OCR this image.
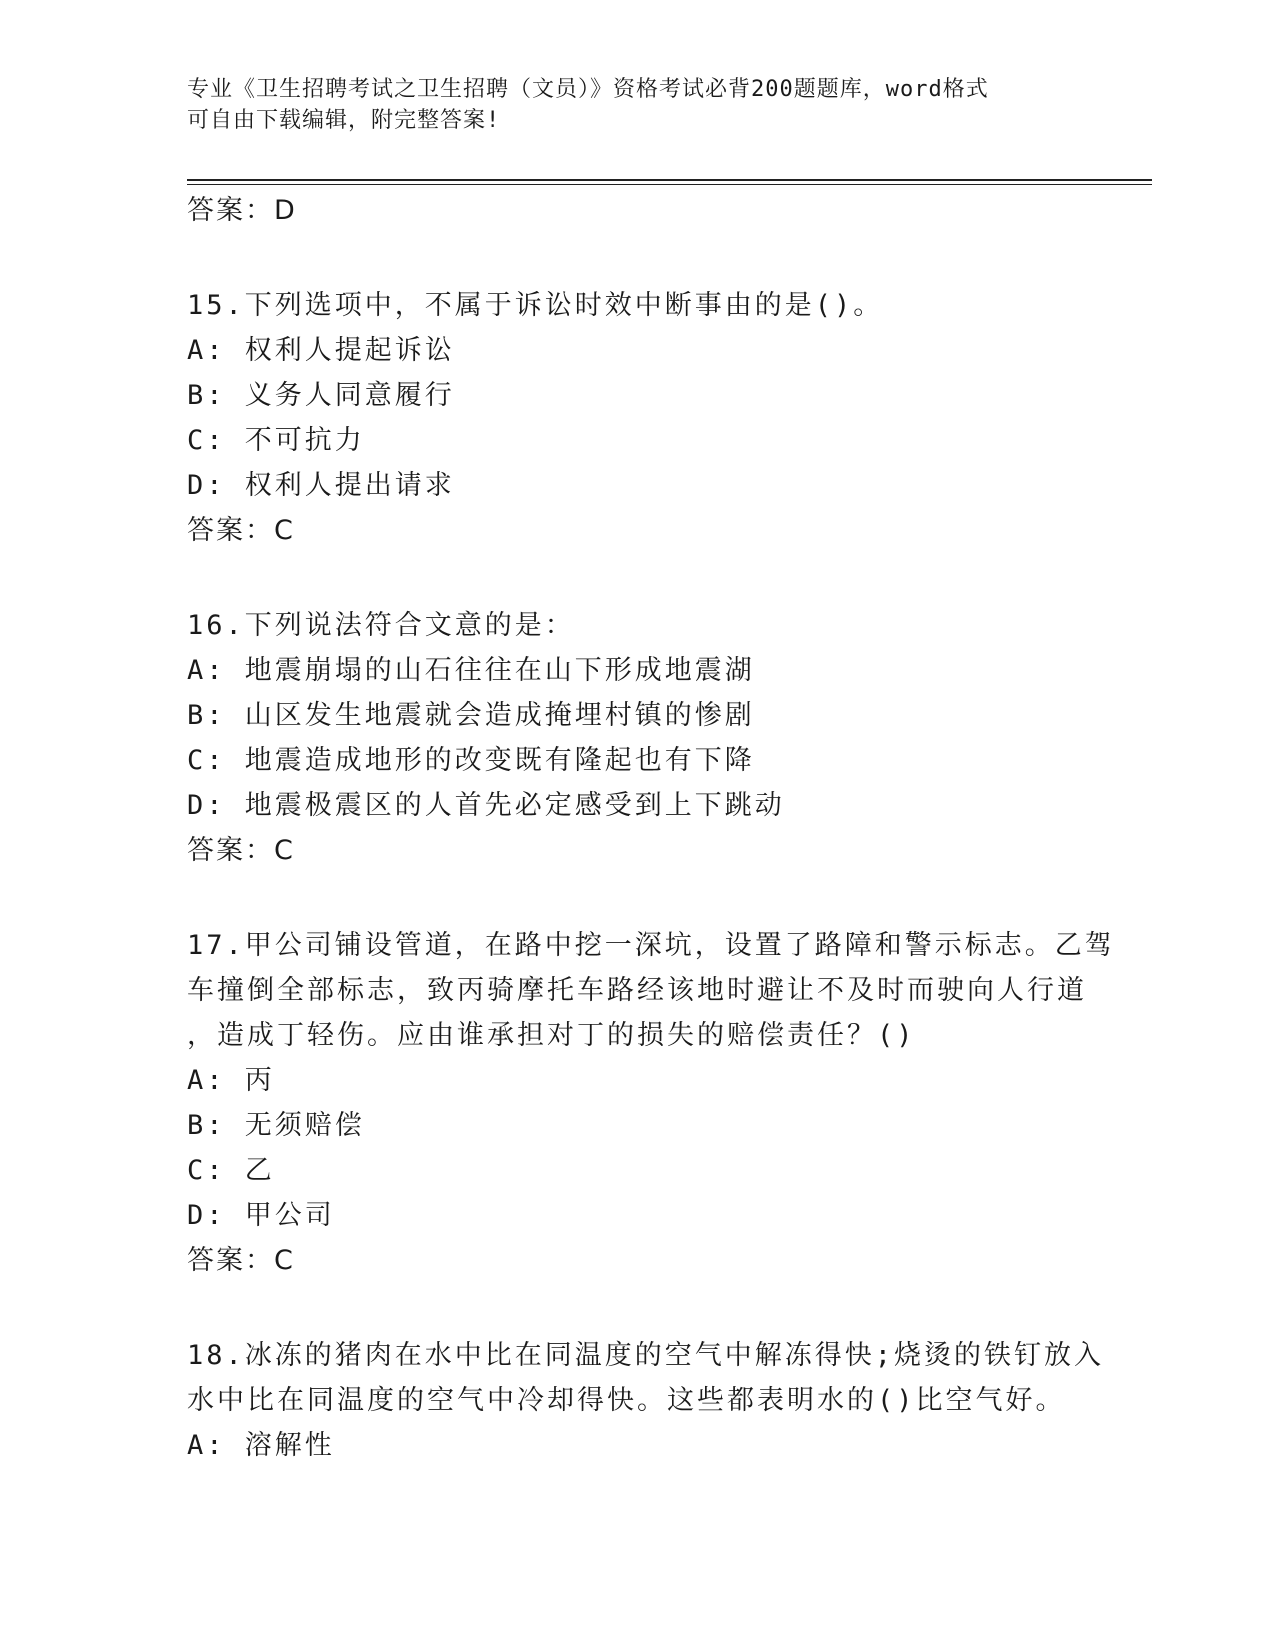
专业《卫生招聘考试之卫生招聘（文员）》资格考试必背200题题库，word格式
可自由下载编辑，附完整答案!
答案：D
15.下列选项中，不属于诉讼时效中断事由的是()。
A: 权利人提起诉讼
B: 义务人同意履行
C: 不可抗力
D: 权利人提出请求
答案：C
16.下列说法符合文意的是：
A: 地震崩塌的山石往往在山下形成地震湖
B: 山区发生地震就会造成掩埋村镇的惨剧
C: 地震造成地形的改变既有隆起也有下降
D: 地震极震区的人首先必定感受到上下跳动
答案：C
17.甲公司铺设管道，在路中挖一深坑，设置了路障和警示标志。乙驾
车撞倒全部标志，致丙骑摩托车路经该地时避让不及时而驶向人行道
，造成丁轻伤。应由谁承担对丁的损失的赔偿责任？()
A: 丙
B: 无须赔偿
C: 乙
D: 甲公司
答案：C
18.冰冻的猪肉在水中比在同温度的空气中解冻得快;烧烫的铁钉放入
水中比在同温度的空气中冷却得快。这些都表明水的()比空气好。
A: 溶解性
